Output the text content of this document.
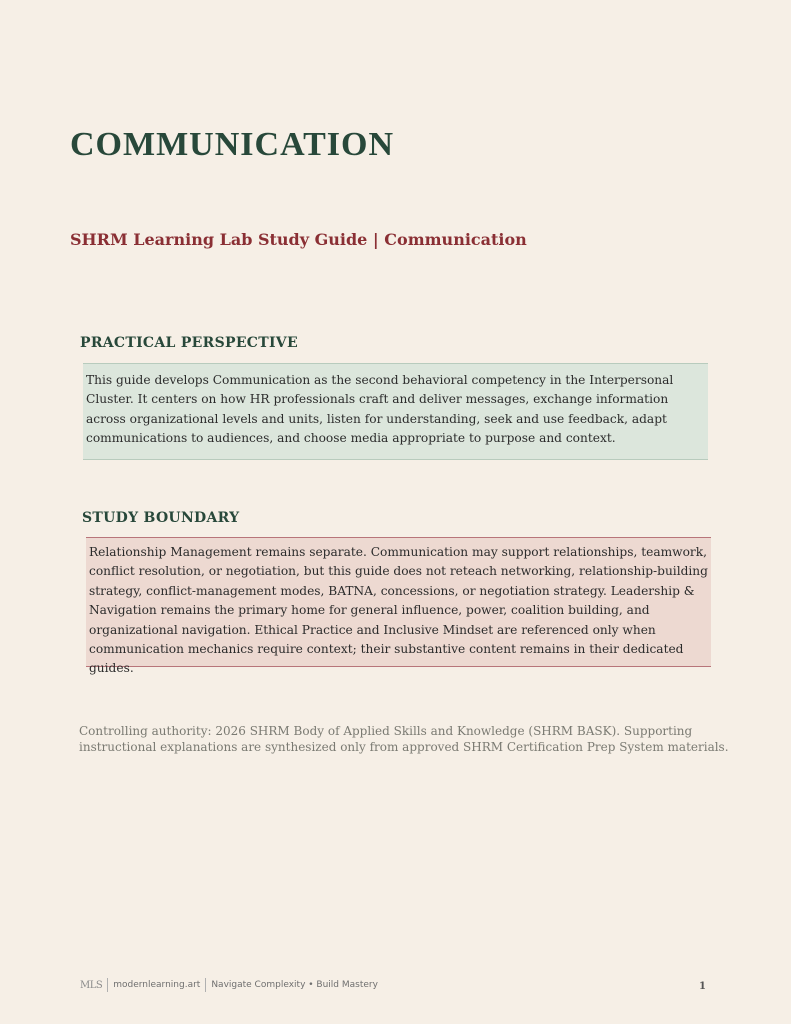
COMMUNICATION
SHRM Learning Lab Study Guide | Communication
PRACTICAL PERSPECTIVE
This guide develops Communication as the second behavioral competency in the Interpersonal Cluster. It centers on how HR professionals craft and deliver messages, exchange information across organizational levels and units, listen for understanding, seek and use feedback, adapt communications to audiences, and choose media appropriate to purpose and context.
STUDY BOUNDARY
Relationship Management remains separate. Communication may support relationships, teamwork, conflict resolution, or negotiation, but this guide does not reteach networking, relationship-building strategy, conflict-management modes, BATNA, concessions, or negotiation strategy. Leadership & Navigation remains the primary home for general influence, power, coalition building, and organizational navigation. Ethical Practice and Inclusive Mindset are referenced only when communication mechanics require context; their substantive content remains in their dedicated guides.

Controlling authority: 2026 SHRM Body of Applied Skills and Knowledge (SHRM BASK). Supporting instructional explanations are synthesized only from approved SHRM Certification Prep System materials.

MLS modernlearning.art Navigate Complexity • Build Mastery	1
